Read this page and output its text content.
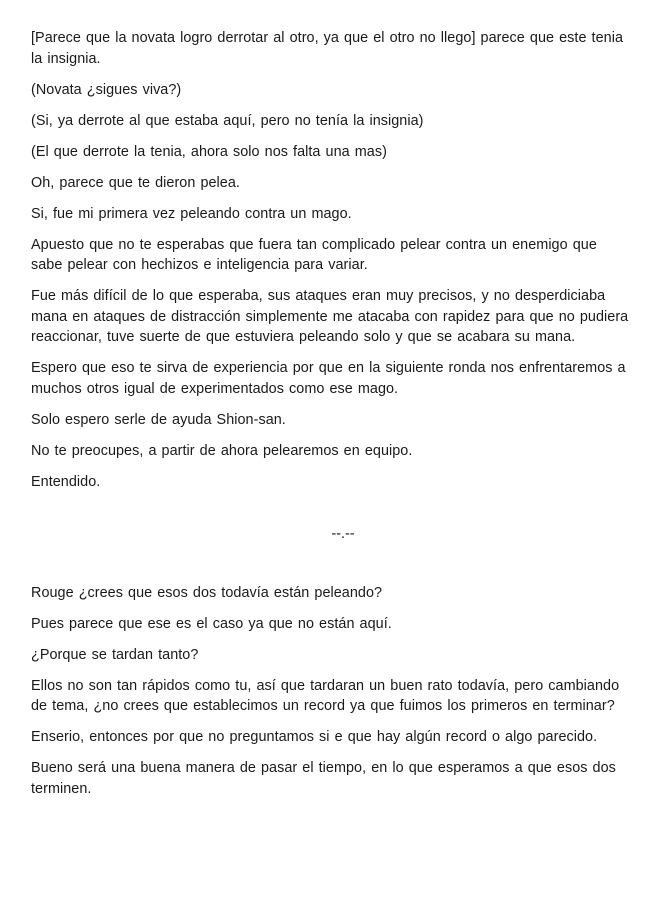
[Parece que la novata logro derrotar al otro, ya que el otro no llego] parece que este tenia la insignia.

(Novata ¿sigues viva?)

(Si, ya derrote al que estaba aquí, pero no tenía la insignia)

(El que derrote la tenia, ahora solo nos falta una mas)

Oh, parece que te dieron pelea.

Si, fue mi primera vez peleando contra un mago.

Apuesto que no te esperabas que fuera tan complicado pelear contra un enemigo que sabe pelear con hechizos e inteligencia para variar.

Fue más difícil de lo que esperaba, sus ataques eran muy precisos, y no desperdiciaba mana en ataques de distracción simplemente me atacaba con rapidez para que no pudiera reaccionar, tuve suerte de que estuviera peleando solo y que se acabara su mana.

Espero que eso te sirva de experiencia por que en la siguiente ronda nos enfrentaremos a muchos otros igual de experimentados como ese mago.

Solo espero serle de ayuda Shion-san.

No te preocupes, a partir de ahora pelearemos en equipo.

Entendido.

--.--

Rouge ¿crees que esos dos todavía están peleando?

Pues parece que ese es el caso ya que no están aquí.

¿Porque se tardan tanto?

Ellos no son tan rápidos como tu, así que tardaran un buen rato todavía, pero cambiando de tema, ¿no crees que establecimos un record ya que fuimos los primeros en terminar?

Enserio, entonces por que no preguntamos si e que hay algún record o algo parecido.

Bueno será una buena manera de pasar el tiempo, en lo que esperamos a que esos dos terminen.
